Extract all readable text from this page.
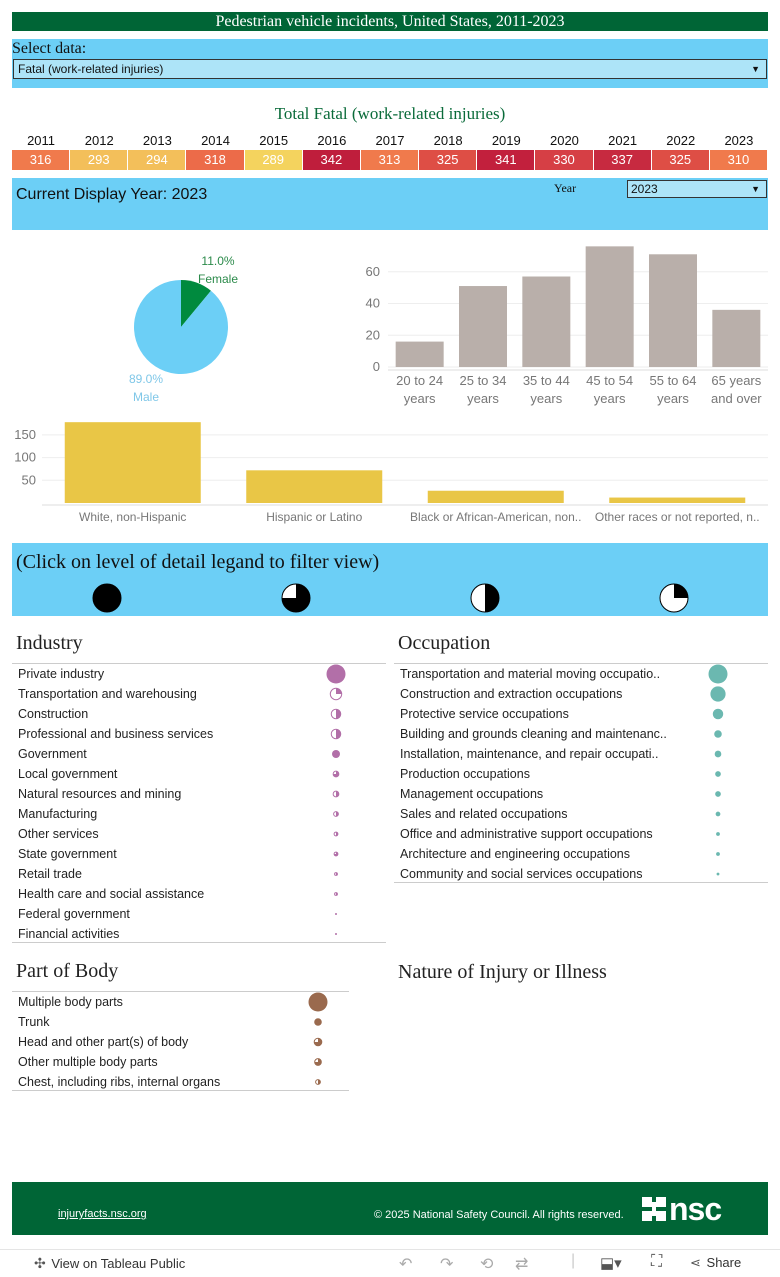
Pedestrian vehicle incidents, United States, 2011-2023
Select data:
Fatal (work-related injuries)	▼
Total Fatal (work-related injuries)
2011
316
2012
293
2013
294
2014
318
2015
289
2016
342
2017
313
2018
325
2019
341
2020
330
2021
337
2022
325
2023
310
Current Display Year: 2023	Year	2023	▼
11.0%
Female
89.0%
Male
0
20
40
60
20 to 24
years
25 to 34
years
35 to 44
years
45 to 54
years
55 to 64
years
65 years
and over
50
100
150
White, non-Hispanic	Hispanic or Latino	Black or African-American, non.. Other races or not reported, n..
(Click on level of detail legand to filter view)
Industry
Private industry
Transportation and warehousing
Construction
Professional and business services
Government
Local government
Natural resources and mining
Manufacturing
Other services
State government
Retail trade
Health care and social assistance
Federal government
Financial activities
Occupation
Transportation and material moving occupatio..
Construction and extraction occupations
Protective service occupations
Building and grounds cleaning and maintenanc..
Installation, maintenance, and repair occupati..
Production occupations
Management occupations
Sales and related occupations
Office and administrative support occupations
Architecture and engineering occupations
Community and social services occupations
Part of Body
Multiple body parts
Trunk
Head and other part(s) of body
Other multiple body parts
Chest, including ribs, internal organs
Nature of Injury or Illness
injuryfacts.nsc.org	© 2025 National Safety Council. All rights reserved.	nsc
✣ View on Tableau Public	↶ ↷ ⟲ ⇄	| ⬓▾ ⛶ ⋖ Share
